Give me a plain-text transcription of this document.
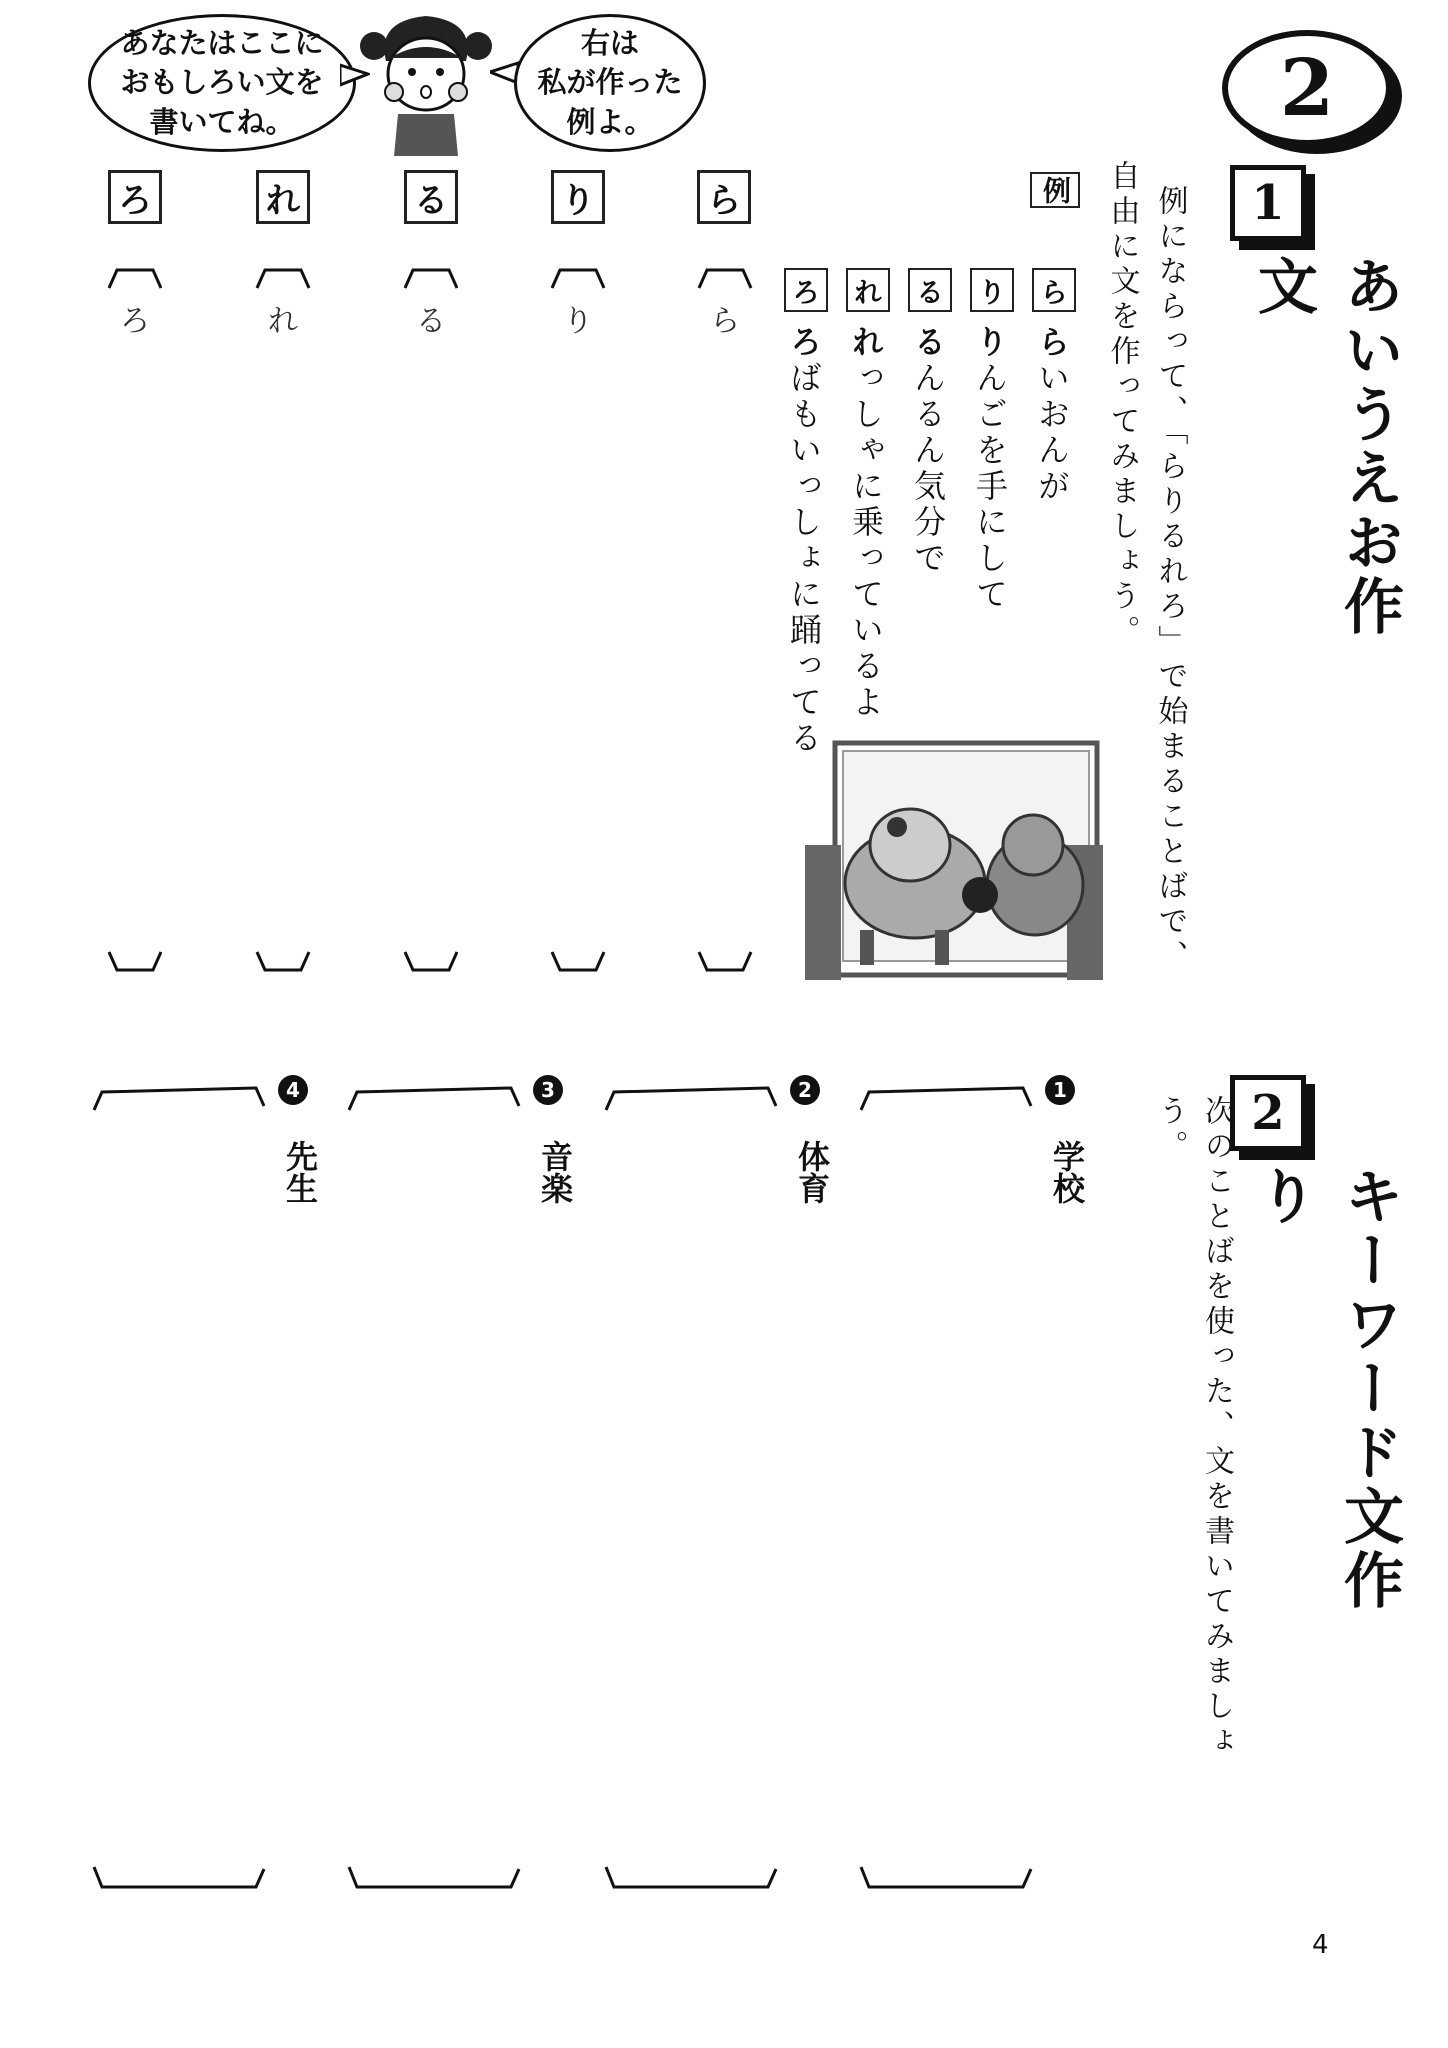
あなたはここに
おもしろい文を
書いてね。

右は
私が作った
例よ。	2
1
あいうえお作文
例にならって、「らりるれろ」で始まることばで、
自由に文を作ってみましょう。
例
ら
らいおんが
り
りんごを手にして
る
るんるん気分で
れ
れっしゃに乗っているよ
ろ
ろばもいっしょに踊ってる
ら
ら
り
り
る
る
れ
れ
ろ
ろ
2
キーワード文作り
次のことばを使った、文を書いてみましょう。
1
学校
2
体育
3
音楽
4
先生
4
